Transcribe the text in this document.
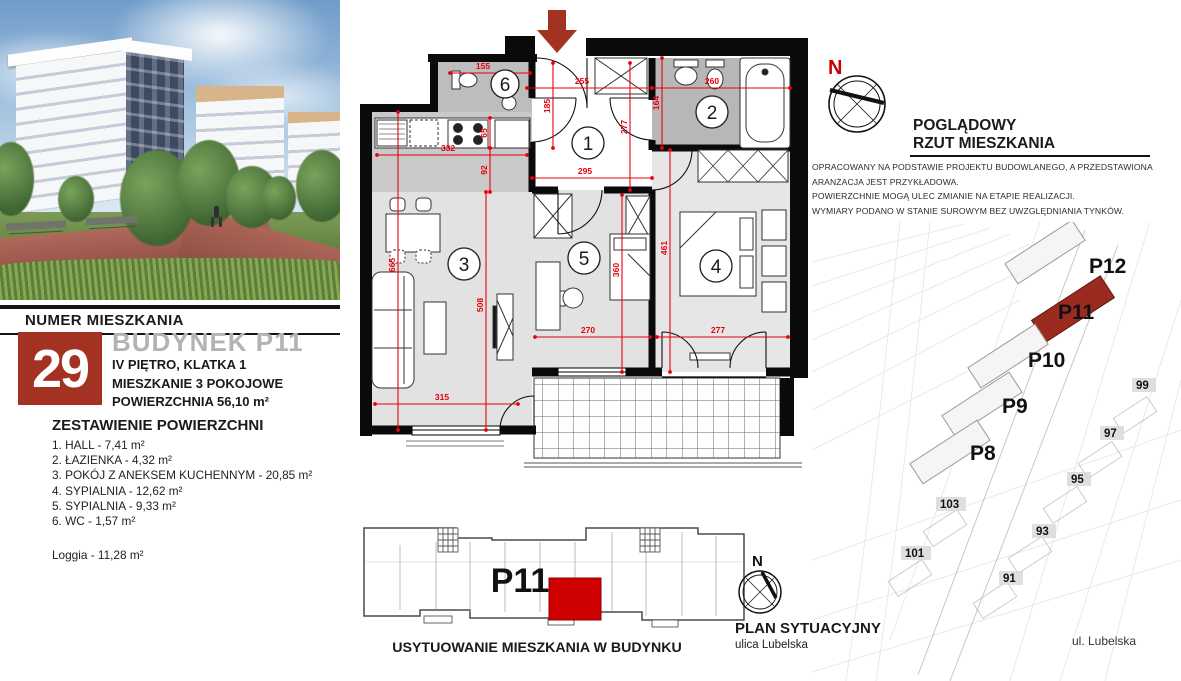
NUMER MIESZKANIA
29 BUDYNEK P11
IV PIĘTRO, KLATKA 1
MIESZKANIE 3 POKOJOWE
POWIERZCHNIA 56,10 m²
ZESTAWIENIE POWIERZCHNI
1. HALL - 7,41 m²
2. ŁAZIENKA - 4,32 m²
3. POKÓJ Z ANEKSEM KUCHENNYM - 20,85 m²
4. SYPIALNIA - 12,62 m²
5. SYPIALNIA - 9,33 m²
6. WC - 1,57 m²
Loggia - 11,28 m²
155
255	260
332
295
315
270	277
164
185
277
65
92
665
508
360
461
1
2
3	4
5
6
N
POGLĄDOWY
RZUT MIESZKANIA
OPRACOWANY NA PODSTAWIE PROJEKTU BUDOWLANEGO, A PRZEDSTAWIONA
ARANŻACJA JEST PRZYKŁADOWA.
POWIERZCHNIE MOGĄ ULEC ZMIANIE NA ETAPIE REALIZACJI.
WYMIARY PODANO W STANIE SUROWYM BEZ UWZGLĘDNIANIA TYNKÓW.
P12
P11
P10
P9
P8
99
97
95
103
93
101
91
ul. Lubelska
P11
USYTUOWANIE MIESZKANIA W BUDYNKU
N
PLAN SYTUACYJNY
ulica Lubelska
